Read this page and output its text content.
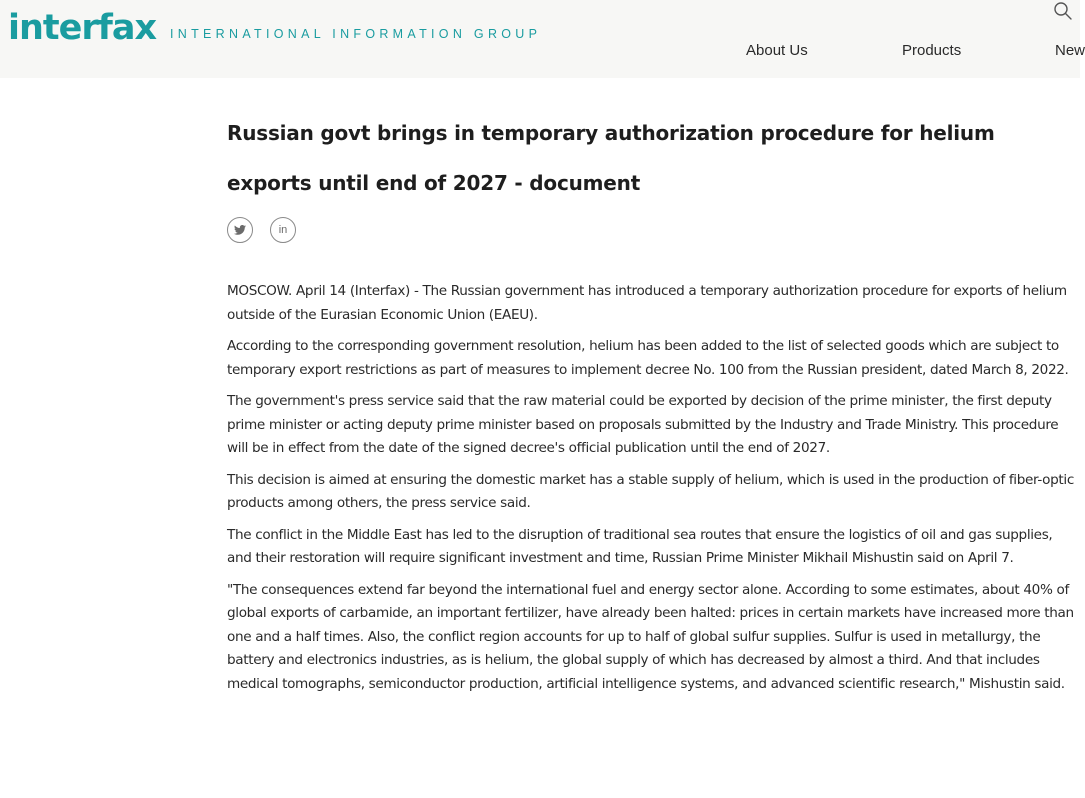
interfax INTERNATIONAL INFORMATION GROUP
About Us	Products	New
Russian govt brings in temporary authorization procedure for helium exports until end of 2027 - document
in

MOSCOW. April 14 (Interfax) - The Russian government has introduced a temporary authorization procedure for exports of helium outside of the Eurasian Economic Union (EAEU).

According to the corresponding government resolution, helium has been added to the list of selected goods which are subject to temporary export restrictions as part of measures to implement decree No. 100 from the Russian president, dated March 8, 2022.

The government's press service said that the raw material could be exported by decision of the prime minister, the first deputy prime minister or acting deputy prime minister based on proposals submitted by the Industry and Trade Ministry. This procedure will be in effect from the date of the signed decree's official publication until the end of 2027.

This decision is aimed at ensuring the domestic market has a stable supply of helium, which is used in the production of fiber-optic products among others, the press service said.

The conflict in the Middle East has led to the disruption of traditional sea routes that ensure the logistics of oil and gas supplies, and their restoration will require significant investment and time, Russian Prime Minister Mikhail Mishustin said on April 7.

"The consequences extend far beyond the international fuel and energy sector alone. According to some estimates, about 40% of global exports of carbamide, an important fertilizer, have already been halted: prices in certain markets have increased more than one and a half times. Also, the conflict region accounts for up to half of global sulfur supplies. Sulfur is used in metallurgy, the battery and electronics industries, as is helium, the global supply of which has decreased by almost a third. And that includes medical tomographs, semiconductor production, artificial intelligence systems, and advanced scientific research," Mishustin said.
